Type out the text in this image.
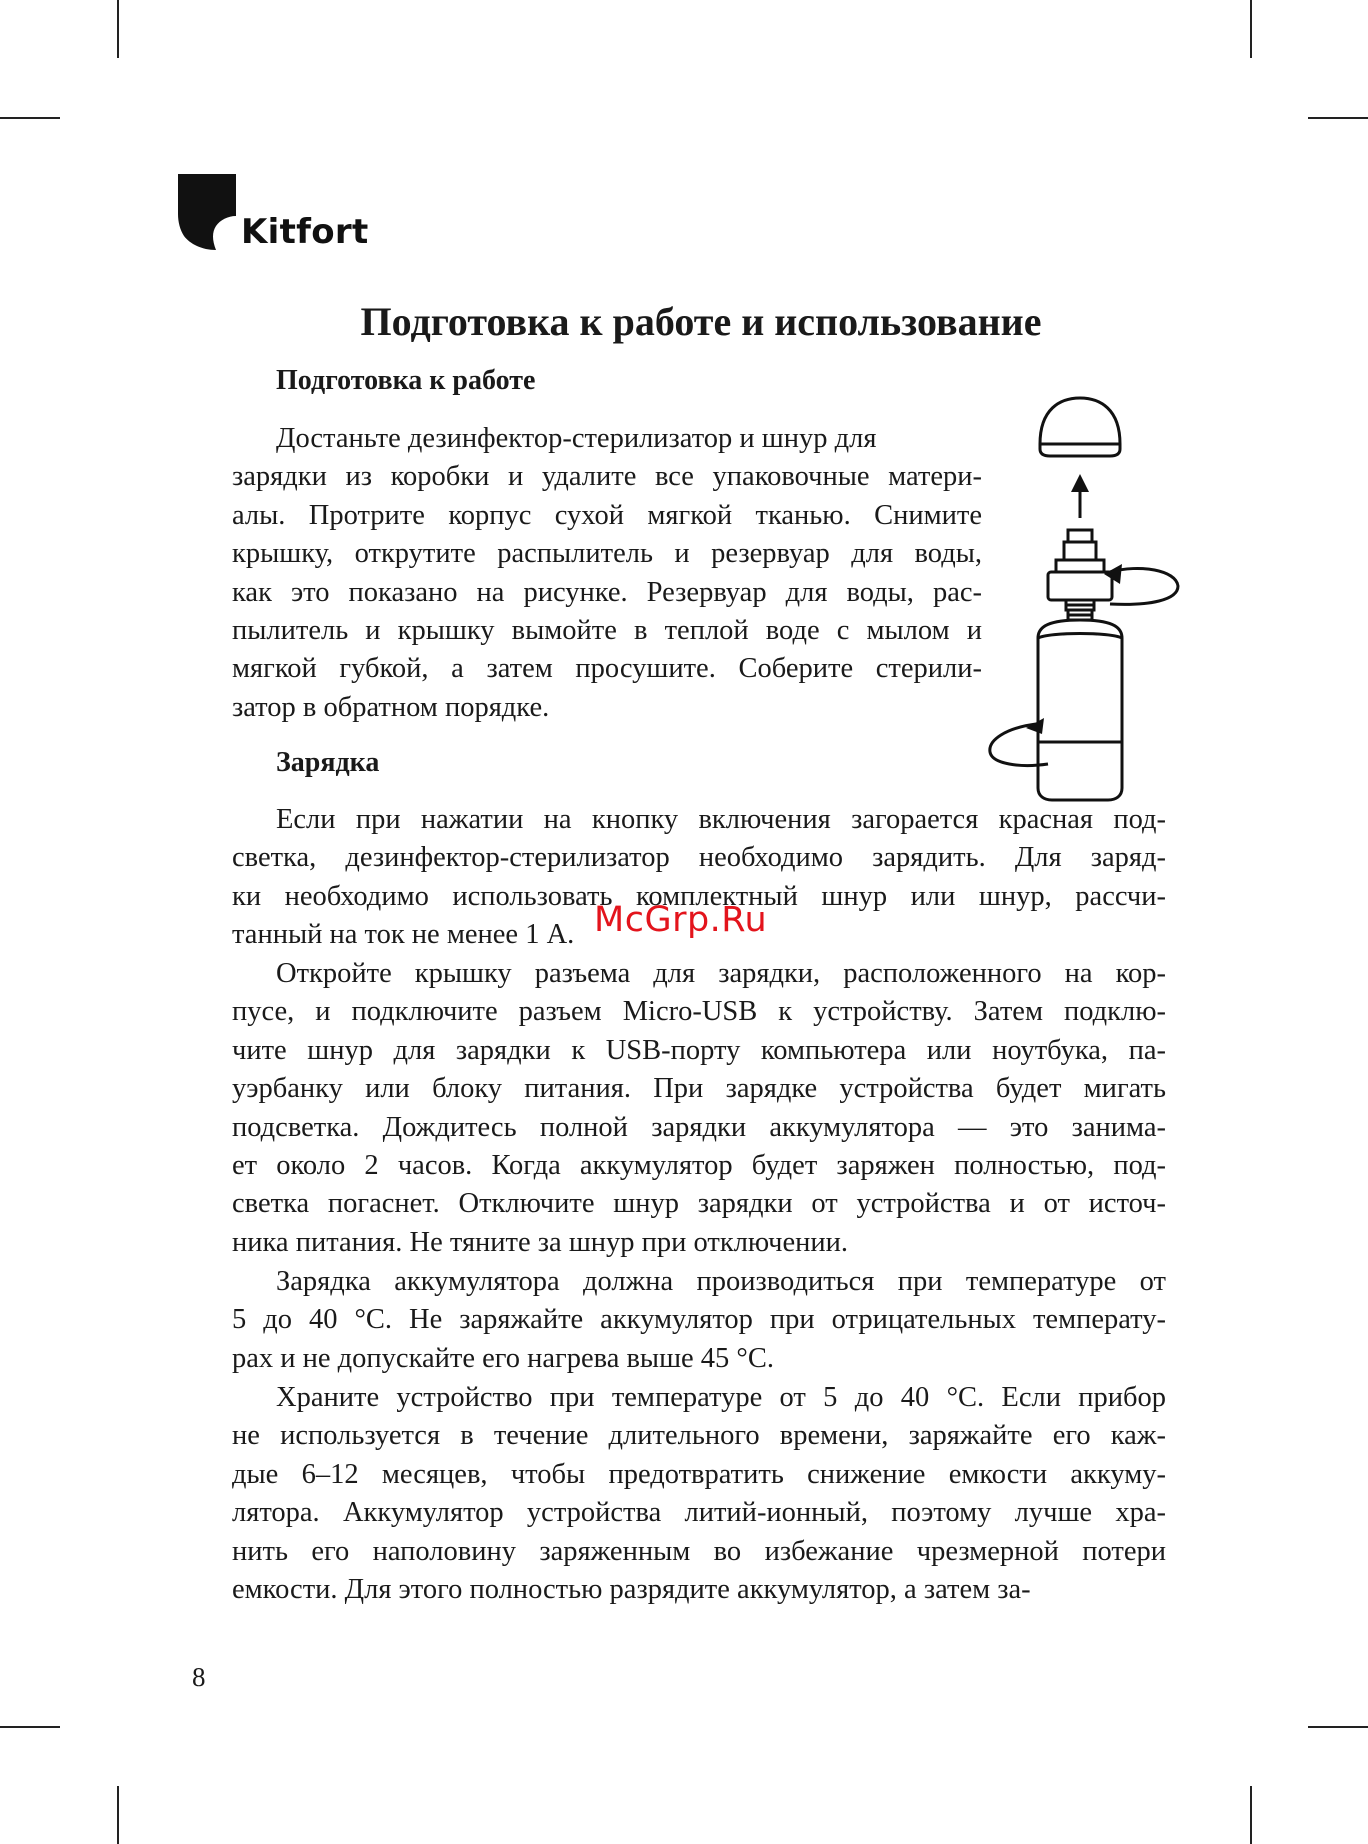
Kitfort
Подготовка к работе и использование
Подготовка к работе
Достаньте дезинфектор-стерилизатор и шнур для
зарядки из коробки и удалите все упаковочные матери-
алы. Протрите корпус сухой мягкой тканью. Снимите
крышку, открутите распылитель и резервуар для воды,
как это показано на рисунке. Резервуар для воды, рас-
пылитель и крышку вымойте в теплой воде с мылом и
мягкой губкой, а затем просушите. Соберите стерили-
затор в обратном порядке.
Зарядка
Если при нажатии на кнопку включения загорается красная под-
светка, дезинфектор-стерилизатор необходимо зарядить. Для заряд-
ки необходимо использовать комплектный шнур или шнур, рассчи-
танный на ток не менее 1 А.
Откройте крышку разъема для зарядки, расположенного на кор-
пусе, и подключите разъем Micro-USB к устройству. Затем подклю-
чите шнур для зарядки к USB-порту компьютера или ноутбука, па-
уэрбанку или блоку питания. При зарядке устройства будет мигать
подсветка. Дождитесь полной зарядки аккумулятора — это занима-
ет около 2 часов. Когда аккумулятор будет заряжен полностью, под-
светка погаснет. Отключите шнур зарядки от устройства и от источ-
ника питания. Не тяните за шнур при отключении.
Зарядка аккумулятора должна производиться при температуре от
5 до 40 °С. Не заряжайте аккумулятор при отрицательных температу-
рах и не допускайте его нагрева выше 45 °С.
Храните устройство при температуре от 5 до 40 °С. Если прибор
не используется в течение длительного времени, заряжайте его каж-
дые 6–12 месяцев, чтобы предотвратить снижение емкости аккуму-
лятора. Аккумулятор устройства литий-ионный, поэтому лучше хра-
нить его наполовину заряженным во избежание чрезмерной потери
емкости. Для этого полностью разрядите аккумулятор, а затем за-
McGrp.Ru
8
